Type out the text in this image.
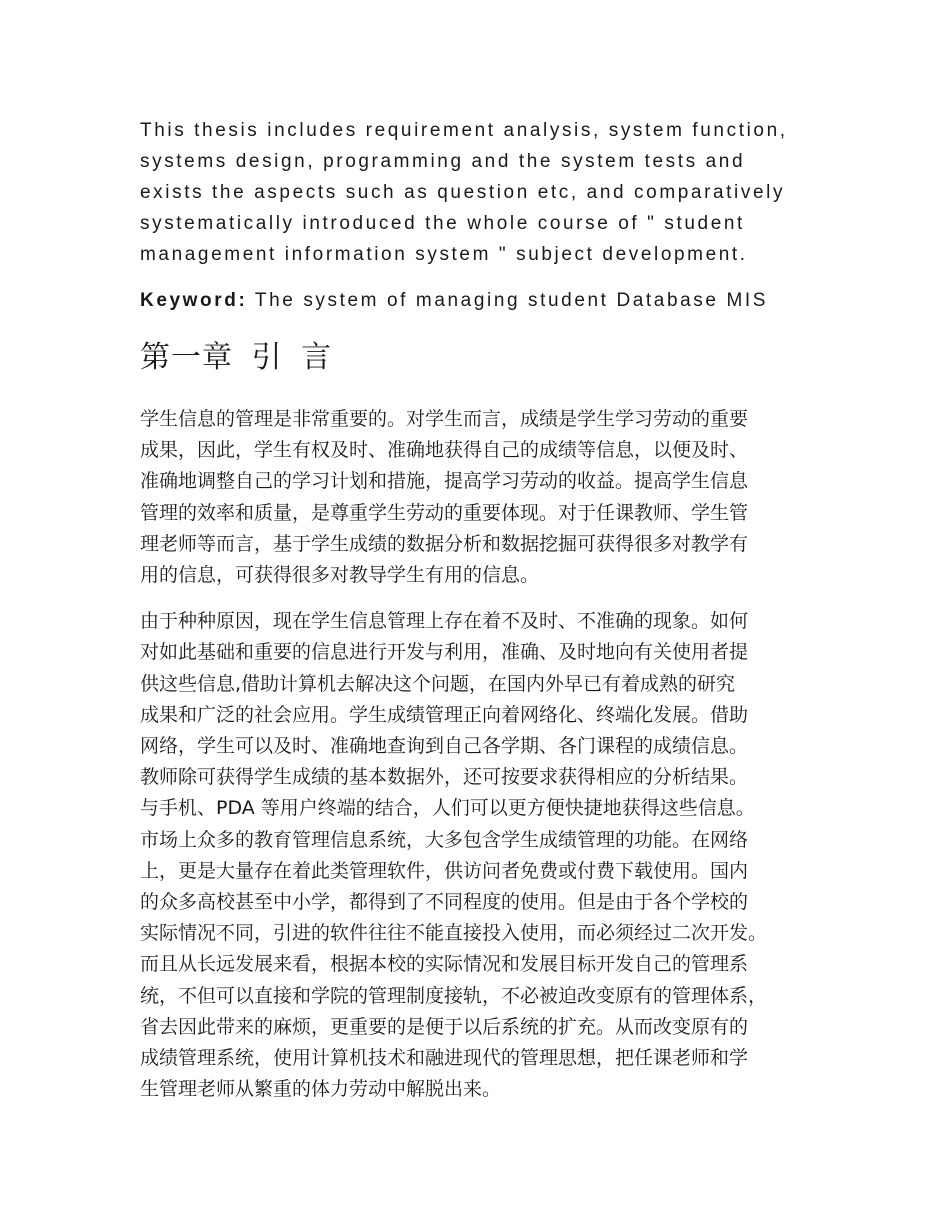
This thesis includes requirement analysis, system function,
systems design, programming and the system tests and
exists the aspects such as question etc, and comparatively
systematically introduced the whole course of " student
management information system " subject development.

Keyword: The system of managing student Database MIS

第一章 引 言

学生信息的管理是非常重要的。对学生而言，成绩是学生学习劳动的重要
成果，因此，学生有权及时、准确地获得自己的成绩等信息，以便及时、
准确地调整自己的学习计划和措施，提高学习劳动的收益。提高学生信息
管理的效率和质量，是尊重学生劳动的重要体现。对于任课教师、学生管
理老师等而言，基于学生成绩的数据分析和数据挖掘可获得很多对教学有
用的信息，可获得很多对教导学生有用的信息。

由于种种原因，现在学生信息管理上存在着不及时、不准确的现象。如何
对如此基础和重要的信息进行开发与利用，准确、及时地向有关使用者提
供这些信息,借助计算机去解决这个问题，在国内外早已有着成熟的研究
成果和广泛的社会应用。学生成绩管理正向着网络化、终端化发展。借助
网络，学生可以及时、准确地查询到自己各学期、各门课程的成绩信息。
教师除可获得学生成绩的基本数据外，还可按要求获得相应的分析结果。
与手机、PDA 等用户终端的结合，人们可以更方便快捷地获得这些信息。
市场上众多的教育管理信息系统，大多包含学生成绩管理的功能。在网络
上，更是大量存在着此类管理软件，供访问者免费或付费下载使用。国内
的众多高校甚至中小学，都得到了不同程度的使用。但是由于各个学校的
实际情况不同，引进的软件往往不能直接投入使用，而必须经过二次开发。
而且从长远发展来看，根据本校的实际情况和发展目标开发自己的管理系
统，不但可以直接和学院的管理制度接轨，不必被迫改变原有的管理体系，
省去因此带来的麻烦，更重要的是便于以后系统的扩充。从而改变原有的
成绩管理系统，使用计算机技术和融进现代的管理思想，把任课老师和学
生管理老师从繁重的体力劳动中解脱出来。
